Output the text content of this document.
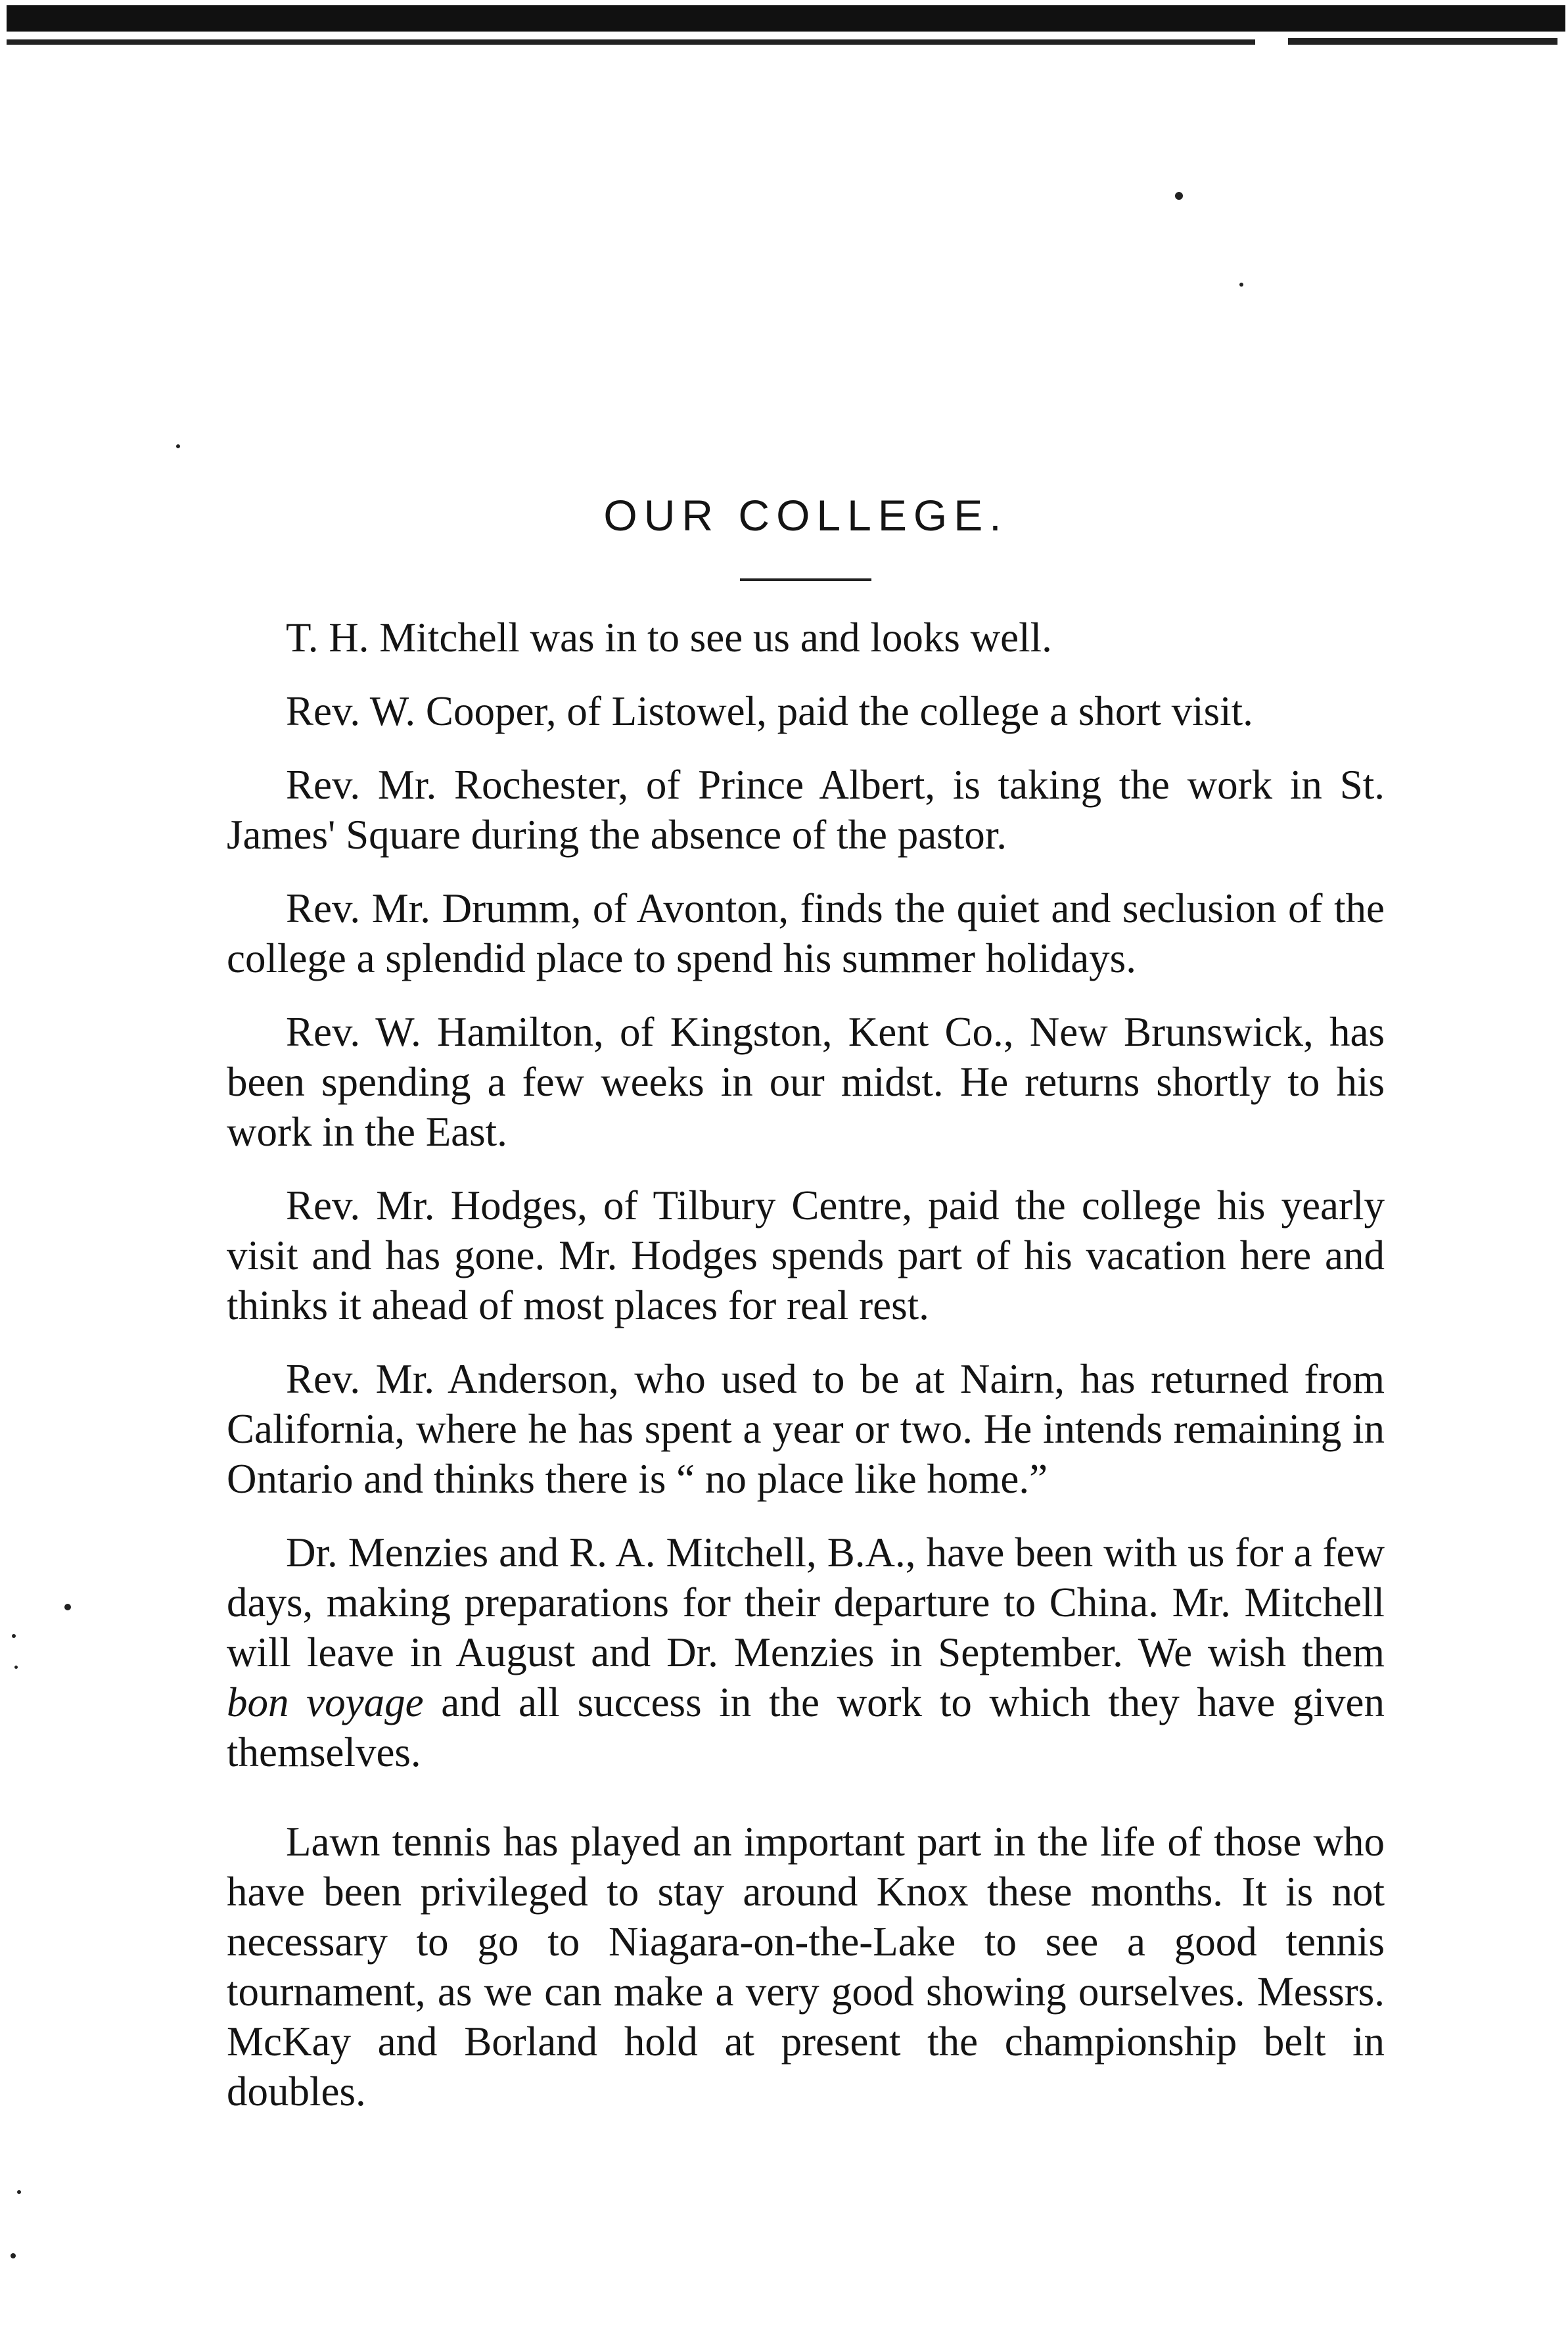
OUR COLLEGE.

T. H. Mitchell was in to see us and looks well.

Rev. W. Cooper, of Listowel, paid the college a short visit.

Rev. Mr. Rochester, of Prince Albert, is taking the work in St. James' Square during the absence of the pastor.

Rev. Mr. Drumm, of Avonton, finds the quiet and seclusion of the college a splendid place to spend his summer holidays.

Rev. W. Hamilton, of Kingston, Kent Co., New Brunswick, has been spending a few weeks in our midst. He returns shortly to his work in the East.

Rev. Mr. Hodges, of Tilbury Centre, paid the college his yearly visit and has gone. Mr. Hodges spends part of his vacation here and thinks it ahead of most places for real rest.

Rev. Mr. Anderson, who used to be at Nairn, has returned from California, where he has spent a year or two. He intends remaining in Ontario and thinks there is “ no place like home.”

Dr. Menzies and R. A. Mitchell, B.A., have been with us for a few days, making preparations for their departure to China. Mr. Mitchell will leave in August and Dr. Menzies in September. We wish them bon voyage and all success in the work to which they have given themselves.

Lawn tennis has played an important part in the life of those who have been privileged to stay around Knox these months. It is not necessary to go to Niagara-on-the-Lake to see a good tennis tournament, as we can make a very good showing ourselves. Messrs. McKay and Borland hold at present the championship belt in doubles.
